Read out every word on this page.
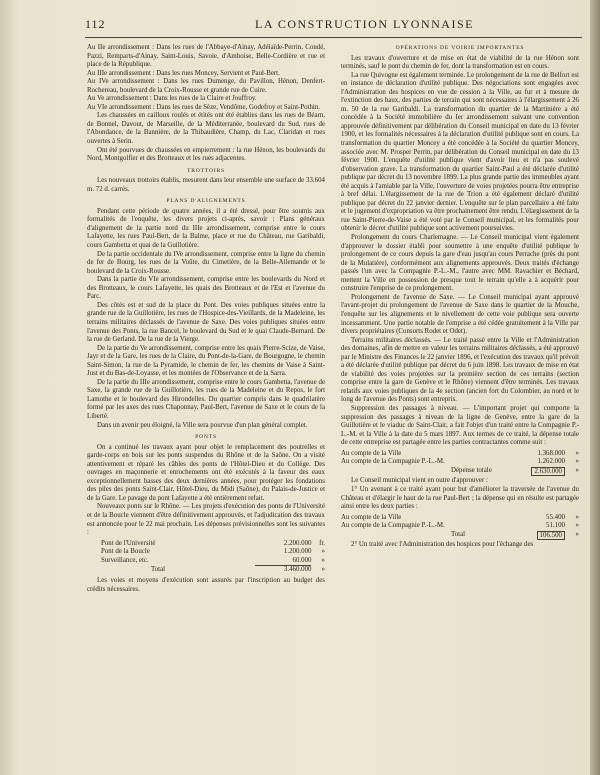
112	LA CONSTRUCTION LYONNAISE

Au IIe arrondissement : Dans les rues de l'Abbaye-d'Ainay, Adélaïde-Perrin, Condé, Pazzi, Remparts-d'Ainay, Saint-Louis, Savoie, d'Amboise, Belle-Cordière et rue et place de la République.

Au IIIe arrondissement : Dans les rues Moncey, Servient et Paul-Bert.

Au IVe arrondissement : Dans les rues Dumenge, du Pavillon, Hénon, Denfert-Rochereau, boulevard de la Croix-Rousse et grande rue de Cuire.

Au Ve arrondissement : Dans les rues de la Claire et Jouffroy.

Au VIe arrondissement : Dans les rues de Sèze, Vendôme, Godefroy et Saint-Pothin.

Les chaussées en cailloux roulés et étités ont été établies dans les rues de Béarn, de Bonnel, Davout, de Marseille, de la Méditerranée, boulevard du Sud, rues de l'Abondance, de la Bannière, de la Thibaudière, Champ, du Lac, Claridan et rues ouvertes à Serin.

Ont été pourvues de chaussées en empierrement : la rue Hénon, les boulevards du Nord, Montgolfier et des Brotteaux et les rues adjacentes.

TROTTOIRS

Les nouveaux trottoirs établis, mesurent dans leur ensemble une surface de 33.604 m. 72 d. carrés.

PLANS D'ALIGNEMENTS

Pendant cette période de quatre années, il a été dressé, pour être soumis aux formalités de l'enquête, les divers projets ci-après, savoir : Plans généraux d'alignement de la partie nord du IIIe arrondissement, comprise entre le cours Lafayette, les rues Paul-Bert, de la Balme, place et rue du Château, rue Garibaldi, cours Gambetta et quai de la Guillotière.

De la partie occidentale du IVe arrondissement, comprise entre la ligne du chemin de fer de Bourg, les rues de la Voûte, du Cimetière, de la Belle-Allemande et le boulevard de la Croix-Rousse.

Dans la partie du VIe arrondissement, comprise entre les boulevards du Nord et des Brotteaux, le cours Lafayette, les quais des Brotteaux et de l'Est et l'avenue du Parc.

Des côtés est et sud de la place du Pont. Des voies publiques situées entre la grande rue de la Guillotière, les rues de l'Hospice-des-Vieillards, de la Madeleine, les terrains militaires déclassés de l'avenue de Saxe. Des voies publiques situées entre l'avenue des Ponts, la rue Bancel, le boulevard du Sud et le quai Claude-Bernard. De la rue de Gerland. De la rue de la Vierge.

De la partie du Ve arrondissement, comprise entre les quais Pierre-Scize, de Vaise, Jayr et de la Gare, les rues de la Claire, du Pont-de-la-Gare, de Bourgogne, le chemin Saint-Simon, la rue de la Pyramide, le chemin de fer, les chemins de Vaise à Saint-Just et du Bas-de-Loyasse, et les montées de l'Observance et de la Sarra.

De la partie du IIIe arrondissement, comprise entre le cours Gambetta, l'avenue de Saxe, la grande rue de la Guillotière, les rues de la Madeleine et du Repos, le fort Lamothe et le boulevard des Hirondelles. Du quartier compris dans le quadrilatère formé par les axes des rues Chaponnay, Paul-Bert, l'avenue de Saxe et le cours de la Liberté.

Dans un avenir peu éloigné, la Ville sera pourvue d'un plan général complet.

PONTS

On a continué les travaux ayant pour objet le remplacement des poutrelles et garde-corps en bois sur les ponts suspendus du Rhône et de la Saône. On a visité attentivement et réparé les câbles des ponts de l'Hôtel-Dieu et du Collège. Des ouvrages en maçonnerie et enrochements ont été exécutés à la faveur des eaux exceptionnellement basses des deux dernières années, pour protéger les fondations des piles des ponts Saint-Clair, Hôtel-Dieu, du Midi (Saône), du Palais-de-Justice et de la Gare. Le pavage du pont Lafayette a été entièrement refait.

Nouveaux ponts sur le Rhône. — Les projets d'exécution des ponts de l'Université et de la Boucle viennent d'être définitivement approuvés, et l'adjudication des travaux est annoncée pour le 22 mai prochain. Les dépenses prévisionnelles sont les suivantes :

Pont de l'Université	2.200.000	fr.
Pont de la Boucle	1.200.000	»
Surveillance, etc.	60.000	»
Total	3.460.000	»

Les voies et moyens d'exécution sont assurés par l'inscription au budget des crédits nécessaires.

OPÉRATIONS DE VOIRIE IMPORTANTES

Les travaux d'ouverture et de mise en état de viabilité de la rue Hénon sont terminés, sauf le pont du chemin de fer, dont la transformation est en cours.

La rue Quivogne est également terminée. Le prolongement de la rue de Belfort est en instance de déclaration d'utilité publique. Des négociations sont engagées avec l'Administration des hospices en vue de cession à la Ville, au fur et à mesure de l'extinction des baux, des parties de terrain qui sont nécessaires à l'élargissement à 26 m. 50 de la rue Garibaldi. La transformation du quartier de la Martinière a été concédée à la Société immobilière du Ier arrondissement suivant une convention approuvée définitivement par délibération du Conseil municipal en date du 13 février 1900, et les formalités nécessaires à la déclaration d'utilité publique sont en cours. La transformation du quartier Moncey a été concédée à la Société du quartier Moncey, associée avec M. Prosper Perrin, par délibération du Conseil municipal en date du 13 février 1900. L'enquête d'utilité publique vient d'avoir lieu et n'a pas soulevé d'observation grave. La transformation du quartier Saint-Paul a été déclarée d'utilité publique par décret du 13 novembre 1899. La plus grande partie des immeubles ayant été acquis à l'amiable par la Ville, l'ouverture de voies projetées pourra être entreprise à bref délai. L'élargissement de la rue de Trion a été également déclaré d'utilité publique par décret du 22 janvier dernier. L'enquête sur le plan parcellaire a été faite et le jugement d'expropriation va être prochainement être rendu. L'élargissement de la rue Saint-Pierre-de-Vaise a été voté par le Conseil municipal, et les formalités pour obtenir le décret d'utilité publique sont activement poursuivies.

Prolongement du cours Charlemagne. — Le Conseil municipal vient également d'approuver le dossier établi pour soumettre à une enquête d'utilité publique le prolongement de ce cours depuis la gare d'eau jusqu'au cours Perrache (près du pont de la Mulatière), conformément aux alignements approuvés. Deux traités d'échange passés l'un avec la Compagnie P.-L.-M., l'autre avec MM. Ravachier et Béchard, mettent la Ville en possession de presque tout le terrain qu'elle a à acquérir pour construire l'emprise de ce prolongement.

Prolongement de l'avenue de Saxe. — Le Conseil municipal ayant approuvé l'avant-projet du prolongement de l'avenue de Saxe dans le quartier de la Mouche, l'enquête sur les alignements et le nivellement de cette voie publique sera ouverte incessamment. Une partie notable de l'emprise a été cédée gratuitement à la Ville par divers propriétaires (Consorts Rodet et Odet).

Terrains militaires déclassés. — Le traité passé entre la Ville et l'Administration des domaines, afin de mettre en valeur les terrains militaires déclassés, a été approuvé par le Ministre des Finances le 22 janvier 1896, et l'exécution des travaux qu'il prévoit a été déclarée d'utilité publique par décret du 6 juin 1898. Les travaux de mise en état de viabilité des voies projetées sur la première section de ces terrains (section comprise entre la gare de Genève et le Rhône) viennent d'être terminés. Les travaux relatifs aux voies publiques de la 4e section (ancien fort du Colombier, au nord et le long de l'avenue des Ponts) sont entrepris.

Suppression des passages à niveau. — L'important projet qui comporte la suppression des passages à niveau de la ligne de Genève, entre la gare de la Guillotière et le viaduc de Saint-Clair, a fait l'objet d'un traité entre la Compagnie P.-L.-M. et la Ville à la date du 5 mars 1897. Aux termes de ce traité, la dépense totale de cette entreprise est partagée entre les parties contractantes comme suit :

Au compte de la Ville	1.368.000 »
Au compte de la Compagnie P.-L.-M.	1.262.000 »
Dépense totale	2.630.000	»

Le Conseil municipal vient en outre d'approuver :

1° Un avenant à ce traité ayant pour but d'améliorer la traversée de l'avenue du Château et d'élargir le haut de la rue Paul-Bert ; la dépense qui en résulte est partagée ainsi entre les deux parties :

Au compte de la Ville	55.400 »
Au compte de la Compagnie P.-L.-M.	51.100 »
Total	106.500	»

2° Un traité avec l'Administration des hospices pour l'échange des
